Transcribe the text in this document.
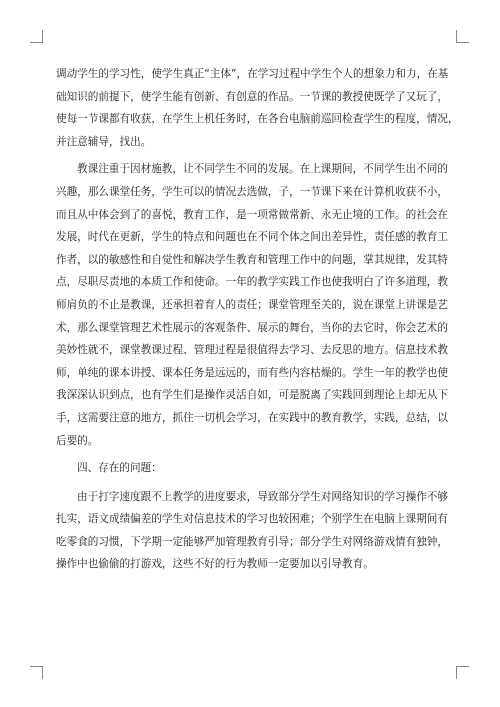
调动学生的学习性，使学生真正“主体”，在学习过程中学生个人的想象力和力，在基
础知识的前提下，使学生能有创新、有创意的作品。一节课的教授使既学了又玩了，
使每一节课都有收获，在学生上机任务时，在各台电脑前巡回检查学生的程度，情况，
并注意辅导，找出。
教课注重于因材施教，让不同学生不同的发展。在上课期间，不同学生出不同的
兴趣，那么课堂任务，学生可以的情况去选做，子，一节课下来在计算机收获不小，
而且从中体会到了的喜悦，教育工作，是一项常做常新、永无止境的工作。的社会在
发展，时代在更新，学生的特点和问题也在不同个体之间出差异性，责任感的教育工
作者，以的敏感性和自觉性和解决学生教育和管理工作中的问题，掌其规律，发其特
点，尽职尽责地的本质工作和使命。一年的教学实践工作也使我明白了许多道理，教
师肩负的不止是教课，还承担着育人的责任；课堂管理至关的，说在课堂上讲课是艺
术，那么课堂管理艺术性展示的客观条件、展示的舞台，当你的去它时，你会艺术的
美妙性就不，课堂教课过程、管理过程是很值得去学习、去反思的地方。信息技术教
师，单纯的课本讲授、课本任务是远远的，而有些内容枯燥的。学生一年的教学也使
我深深认识到点，也有学生们是操作灵活自如，可是脱离了实践回到理论上却无从下
手，这需要注意的地方，抓住一切机会学习，在实践中的教育教学，实践，总结，以
后要的。
四、存在的问题：
由于打字速度跟不上教学的进度要求，导致部分学生对网络知识的学习操作不够
扎实，语文成绩偏差的学生对信息技术的学习也较困难；个别学生在电脑上课期间有
吃零食的习惯，下学期一定能够严加管理教育引导；部分学生对网络游戏情有独钟，
操作中也偷偷的打游戏，这些不好的行为教师一定要加以引导教育。
